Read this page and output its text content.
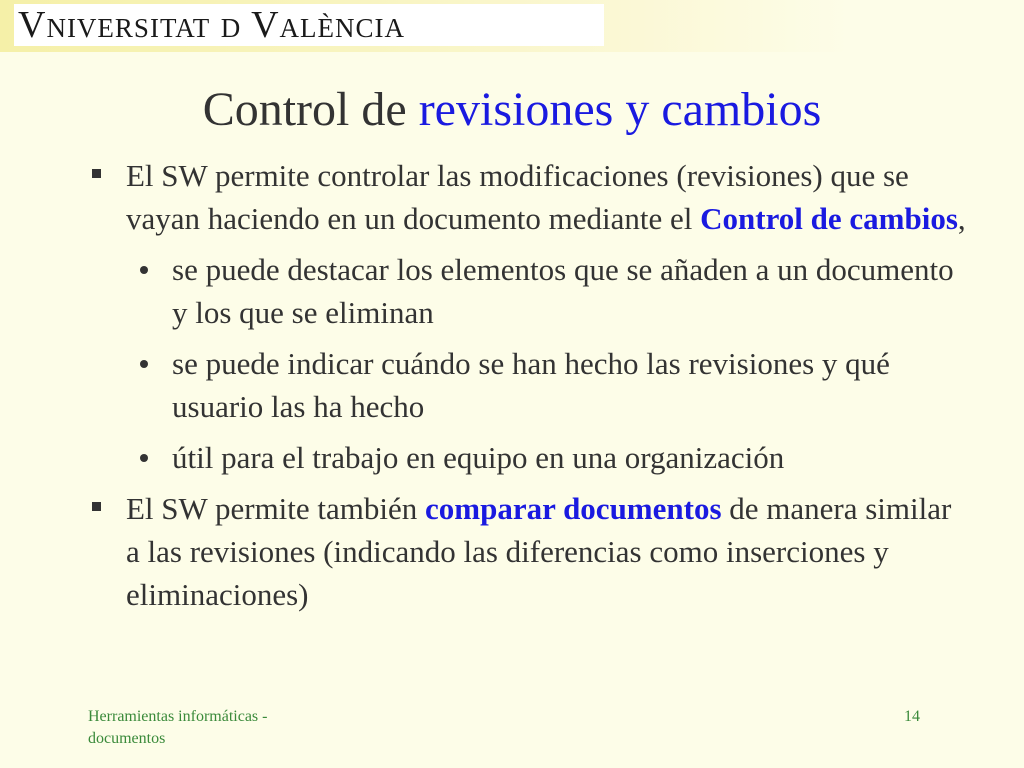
Vniversitat d València
Control de revisiones y cambios
El SW permite controlar las modificaciones (revisiones) que se vayan haciendo en un documento mediante el Control de cambios,
se puede destacar los elementos que se añaden a un documento y los que se eliminan
se puede indicar cuándo se han hecho las revisiones y qué usuario las ha hecho
útil para el trabajo en equipo en una organización
El SW permite también comparar documentos de manera similar a las revisiones (indicando las diferencias como inserciones y eliminaciones)
Herramientas informáticas - documentos
14
